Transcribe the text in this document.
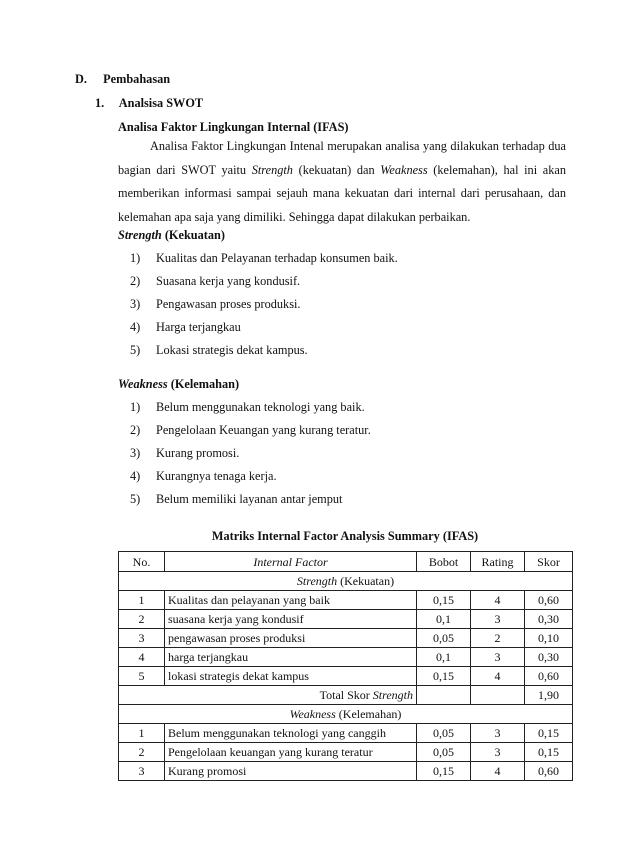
D. Pembahasan
1. Analsisa SWOT
Analisa Faktor Lingkungan Internal (IFAS)

Analisa Faktor Lingkungan Intenal merupakan analisa yang dilakukan terhadap dua bagian dari SWOT yaitu Strength (kekuatan) dan Weakness (kelemahan), hal ini akan memberikan informasi sampai sejauh mana kekuatan dari internal dari perusahaan, dan kelemahan apa saja yang dimiliki. Sehingga dapat dilakukan perbaikan.

Strength (Kekuatan)
1) Kualitas dan Pelayanan terhadap konsumen baik.
2) Suasana kerja yang kondusif.
3) Pengawasan proses produksi.
4) Harga terjangkau
5) Lokasi strategis dekat kampus.
Weakness (Kelemahan)
1) Belum menggunakan teknologi yang baik.
2) Pengelolaan Keuangan yang kurang teratur.
3) Kurang promosi.
4) Kurangnya tenaga kerja.
5) Belum memiliki layanan antar jemput
Matriks Internal Factor Analysis Summary (IFAS)
No.	Internal Factor	Bobot	Rating	Skor
Strength (Kekuatan)				
1	Kualitas dan pelayanan yang baik	0,15	4	0,60
2	suasana kerja yang kondusif	0,1	3	0,30
3	pengawasan proses produksi	0,05	2	0,10
4	harga terjangkau	0,1	3	0,30
5	lokasi strategis dekat kampus	0,15	4	0,60
Total Skor Strength				1,90
Weakness (Kelemahan)				
1	Belum menggunakan teknologi yang canggih	0,05	3	0,15
2	Pengelolaan keuangan yang kurang teratur	0,05	3	0,15
3	Kurang promosi	0,15	4	0,60
